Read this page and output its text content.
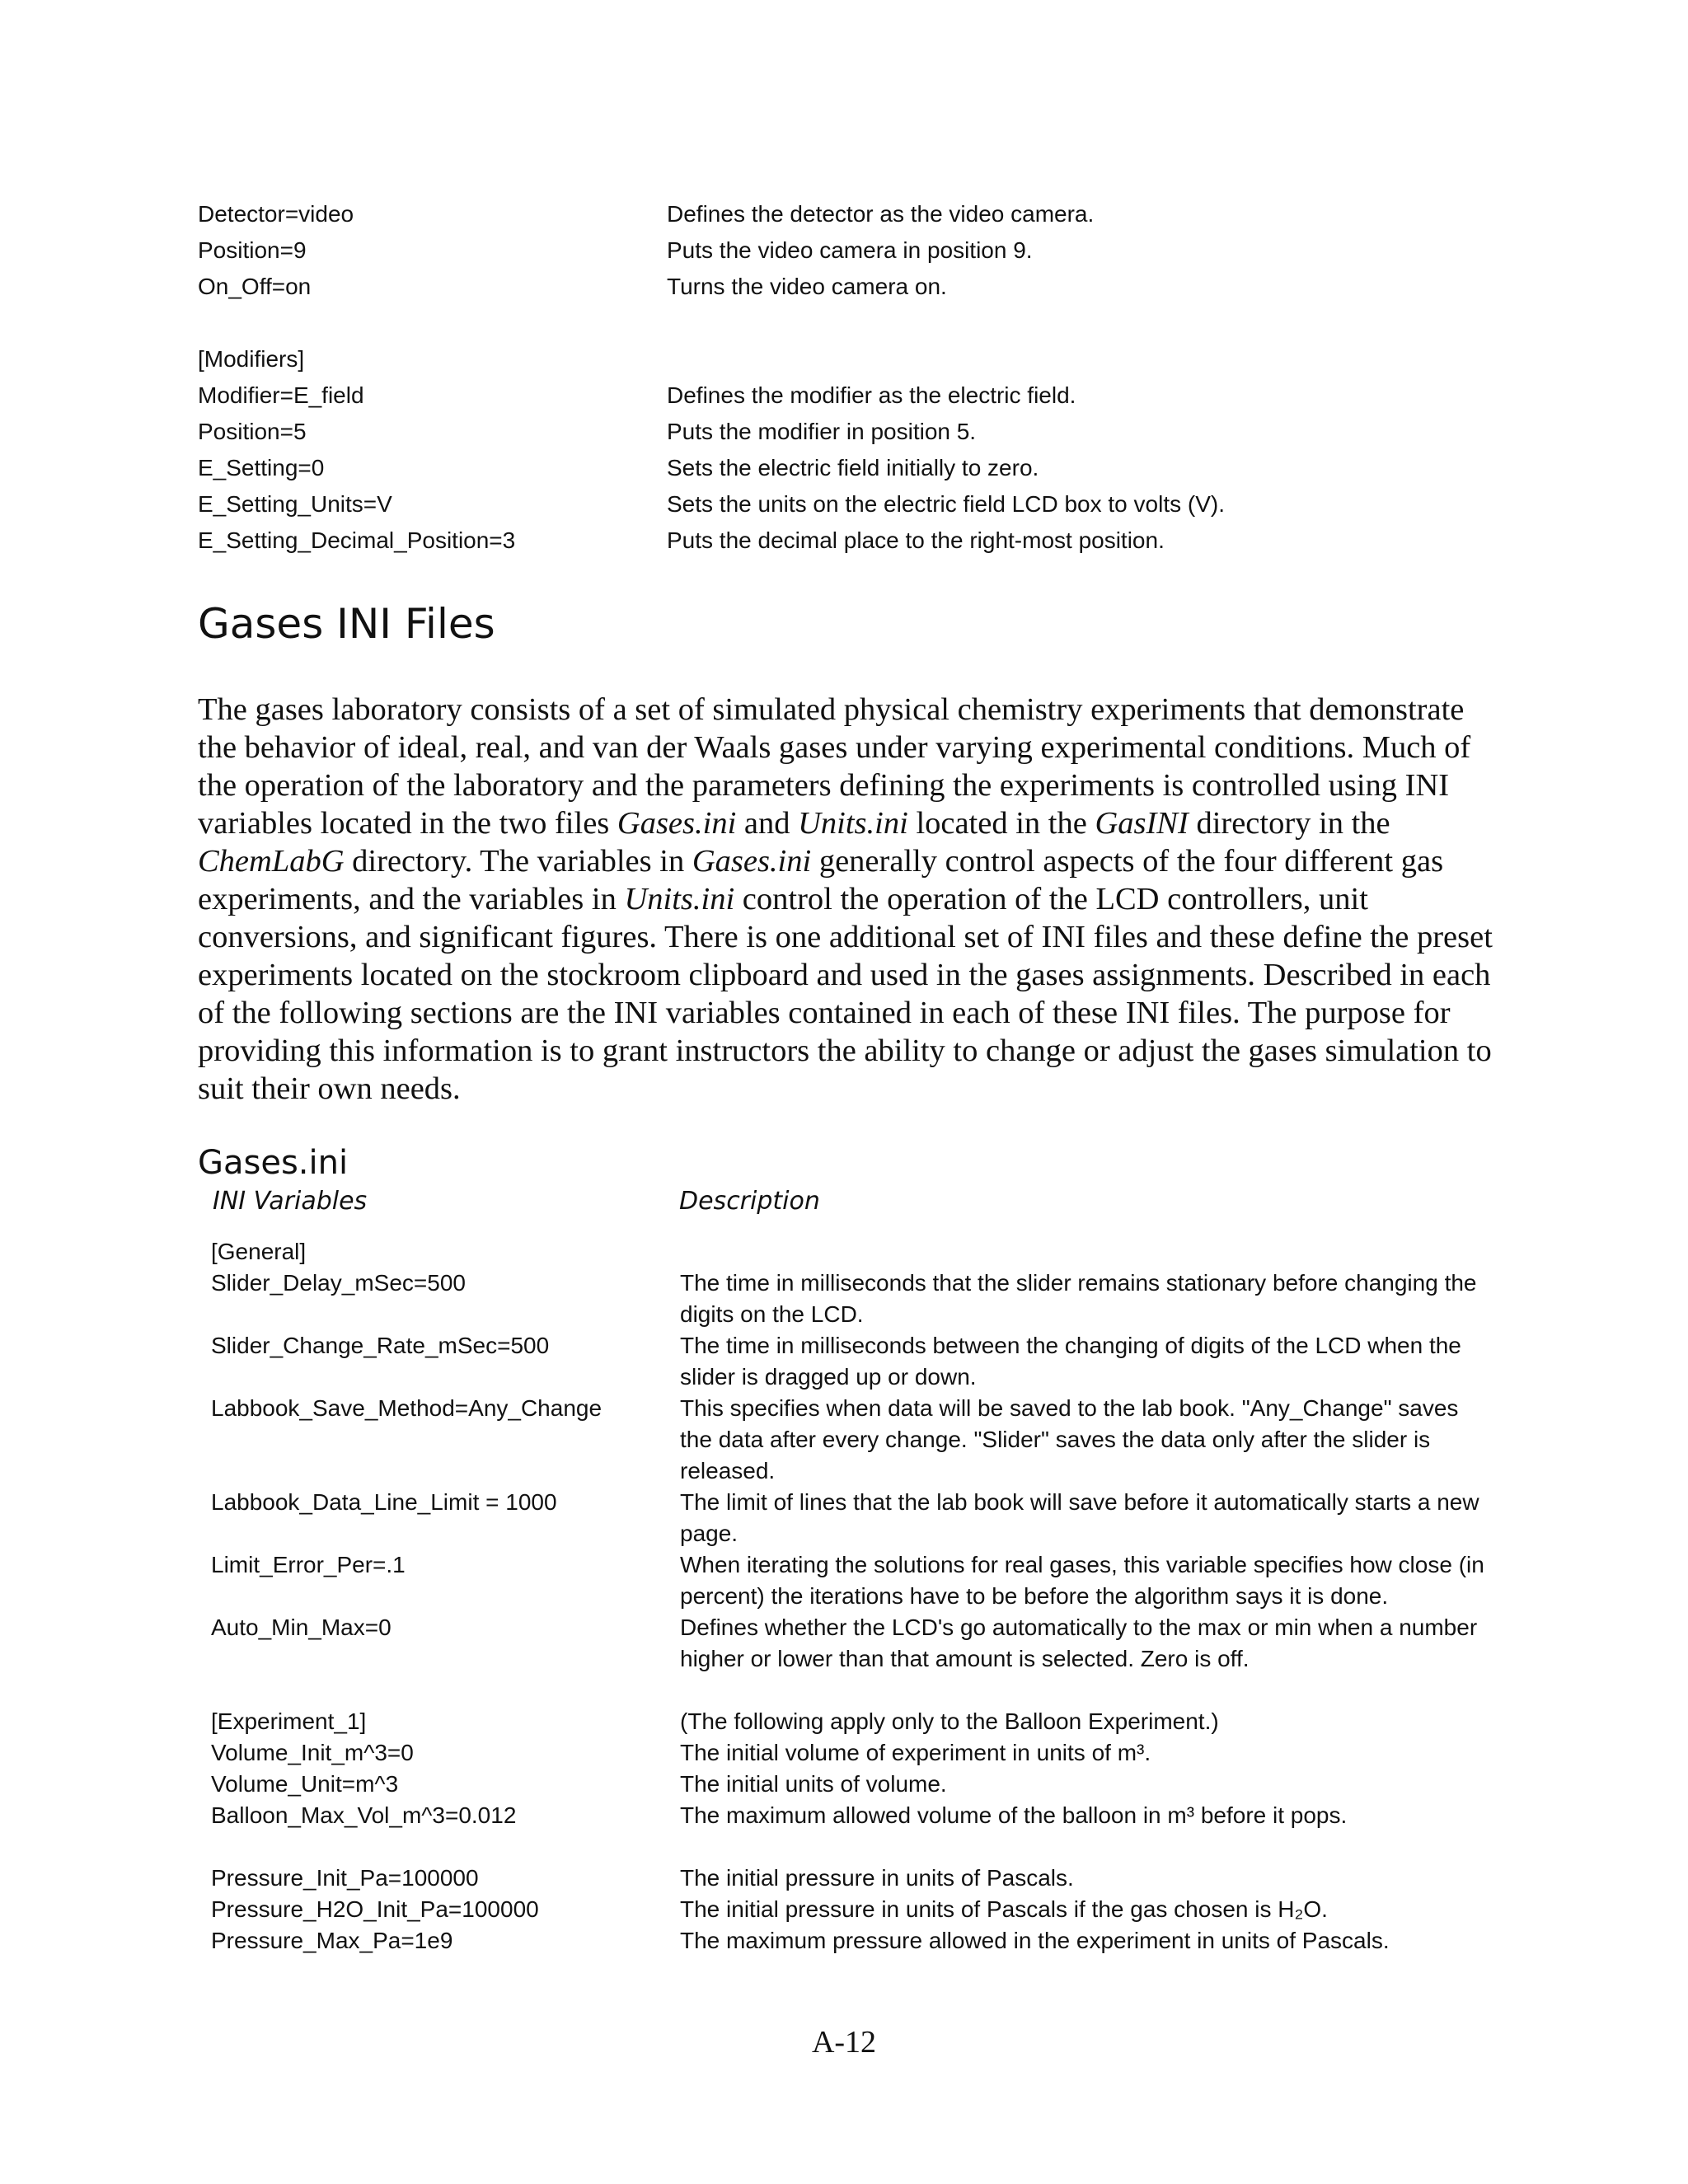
Detector=video	Defines the detector as the video camera.
Position=9	Puts the video camera in position 9.
On_Off=on	Turns the video camera on.
[Modifiers]
Modifier=E_field	Defines the modifier as the electric field.
Position=5	Puts the modifier in position 5.
E_Setting=0	Sets the electric field initially to zero.
E_Setting_Units=V	Sets the units on the electric field LCD box to volts (V).
E_Setting_Decimal_Position=3	Puts the decimal place to the right-most position.
Gases INI Files

The gases laboratory consists of a set of simulated physical chemistry experiments that demonstrate the behavior of ideal, real, and van der Waals gases under varying experimental conditions. Much of the operation of the laboratory and the parameters defining the experiments is controlled using INI variables located in the two files Gases.ini and Units.ini located in the GasINI directory in the ChemLabG directory. The variables in Gases.ini generally control aspects of the four different gas experiments, and the variables in Units.ini control the operation of the LCD controllers, unit conversions, and significant figures. There is one additional set of INI files and these define the preset experiments located on the stockroom clipboard and used in the gases assignments. Described in each of the following sections are the INI variables contained in each of these INI files. The purpose for providing this information is to grant instructors the ability to change or adjust the gases simulation to suit their own needs.

Gases.ini
INI Variables	Description
[General]
Slider_Delay_mSec=500	The time in milliseconds that the slider remains stationary before changing the digits on the LCD.
Slider_Change_Rate_mSec=500	The time in milliseconds between the changing of digits of the LCD when the slider is dragged up or down.
Labbook_Save_Method=Any_Change	This specifies when data will be saved to the lab book. "Any_Change" saves the data after every change. "Slider" saves the data only after the slider is released.
Labbook_Data_Line_Limit = 1000	The limit of lines that the lab book will save before it automatically starts a new page.
Limit_Error_Per=.1	When iterating the solutions for real gases, this variable specifies how close (in percent) the iterations have to be before the algorithm says it is done.
Auto_Min_Max=0	Defines whether the LCD's go automatically to the max or min when a number higher or lower than that amount is selected. Zero is off.
[Experiment_1]	(The following apply only to the Balloon Experiment.)
Volume_Init_m^3=0	The initial volume of experiment in units of m³.
Volume_Unit=m^3	The initial units of volume.
Balloon_Max_Vol_m^3=0.012	The maximum allowed volume of the balloon in m³ before it pops.
Pressure_Init_Pa=100000	The initial pressure in units of Pascals.
Pressure_H2O_Init_Pa=100000	The initial pressure in units of Pascals if the gas chosen is H₂O.
Pressure_Max_Pa=1e9	The maximum pressure allowed in the experiment in units of Pascals.
A-12
